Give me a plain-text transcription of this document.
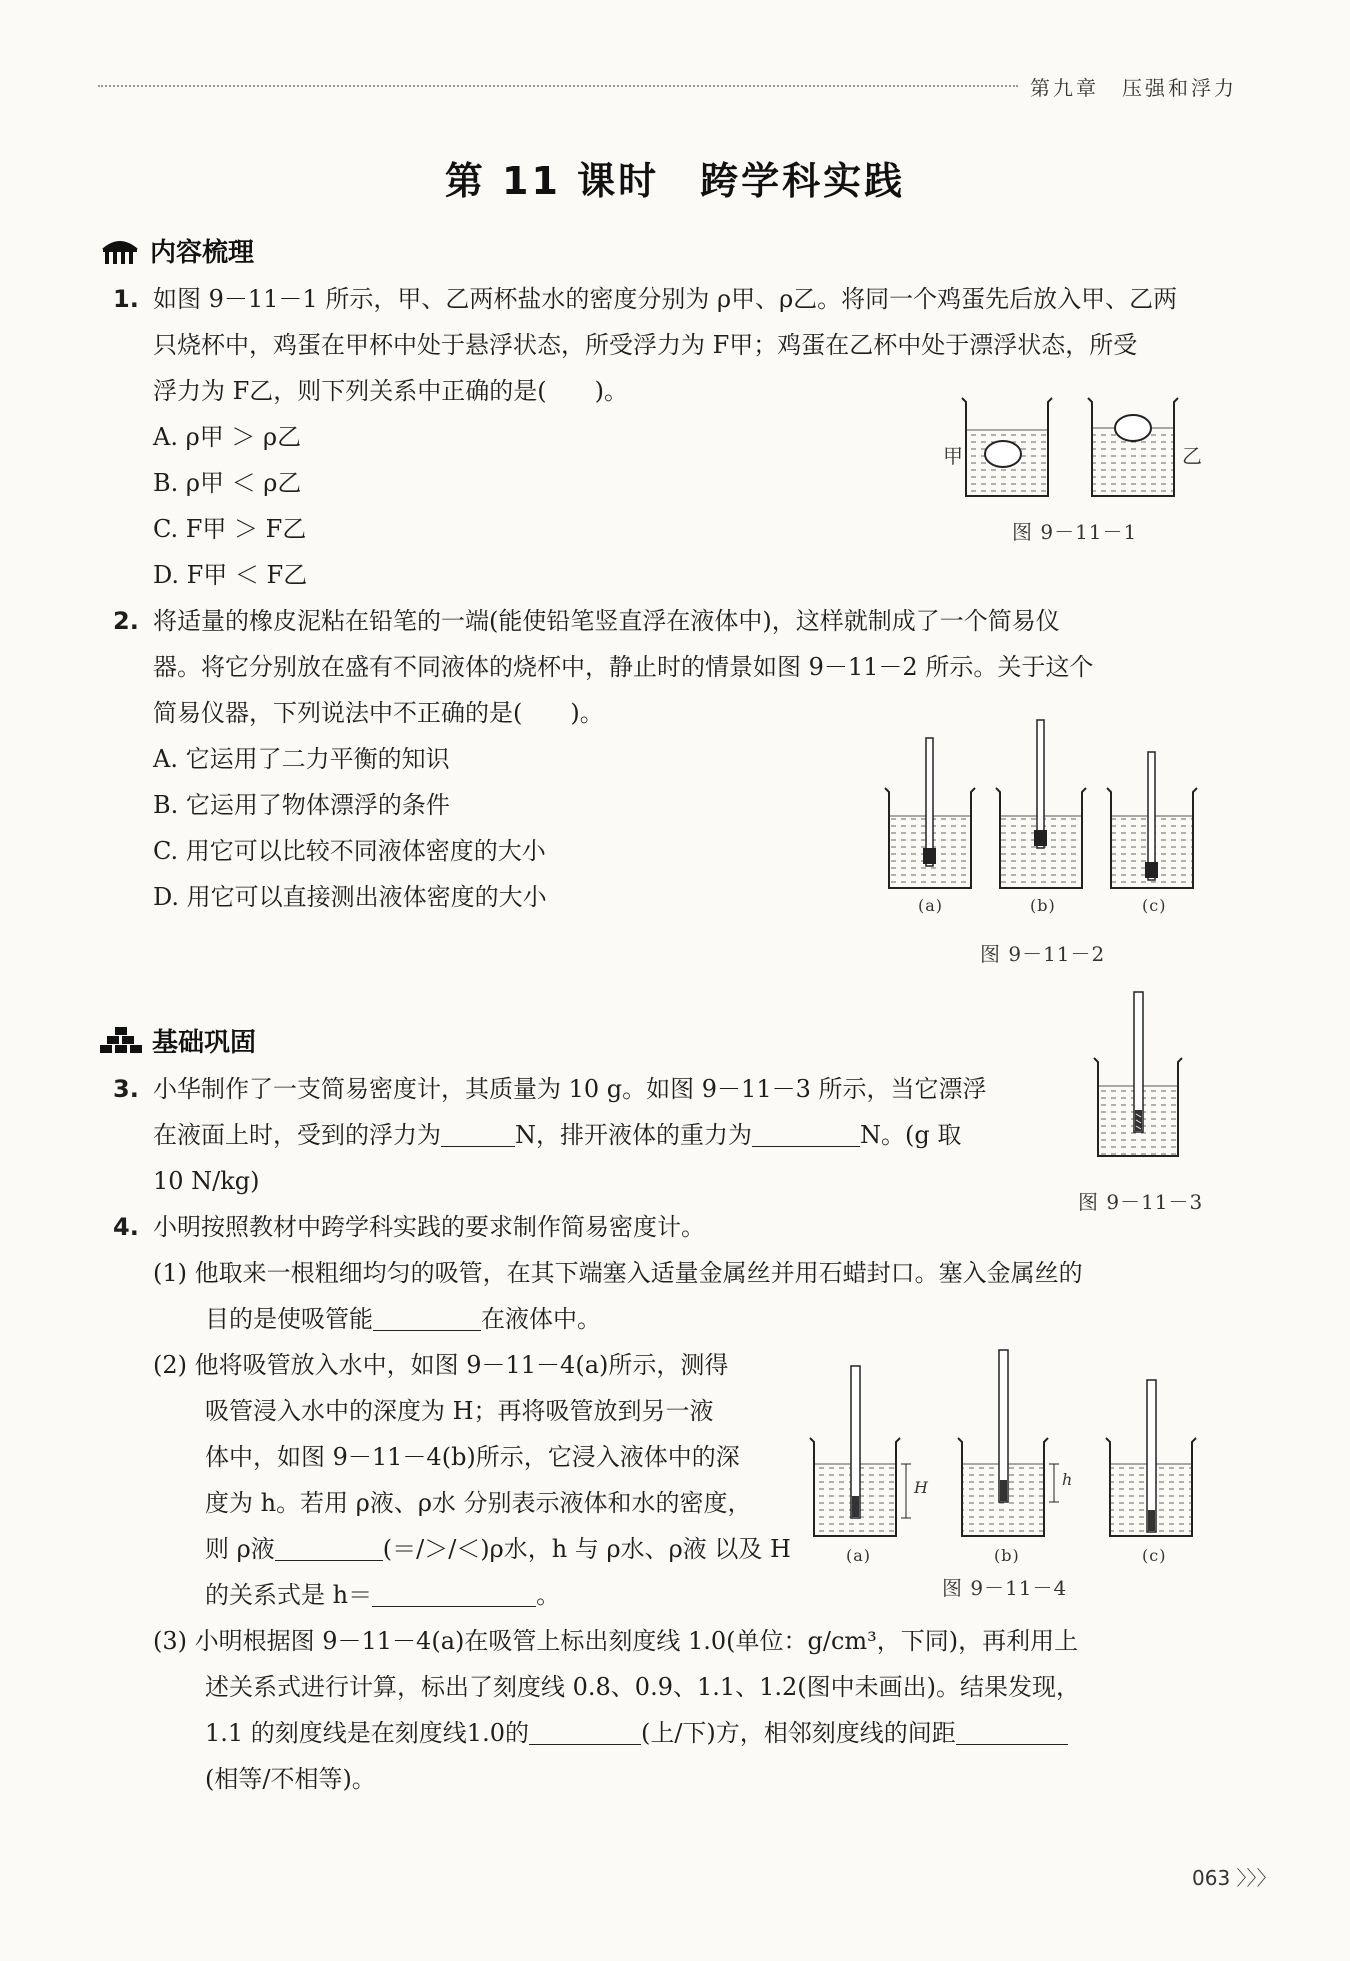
第九章　压强和浮力
第 11 课时　跨学科实践
内容梳理
1. 如图 9－11－1 所示，甲、乙两杯盐水的密度分别为 ρ甲、ρ乙。将同一个鸡蛋先后放入甲、乙两
只烧杯中，鸡蛋在甲杯中处于悬浮状态，所受浮力为 F甲；鸡蛋在乙杯中处于漂浮状态，所受
浮力为 F乙，则下列关系中正确的是(　　)。
A. ρ甲 ＞ ρ乙
B. ρ甲 ＜ ρ乙
C. F甲 ＞ F乙
D. F甲 ＜ F乙
甲	乙
图 9－11－1
2. 将适量的橡皮泥粘在铅笔的一端(能使铅笔竖直浮在液体中)，这样就制成了一个简易仪
器。将它分别放在盛有不同液体的烧杯中，静止时的情景如图 9－11－2 所示。关于这个
简易仪器，下列说法中不正确的是(　　)。
A. 它运用了二力平衡的知识
B. 它运用了物体漂浮的条件
C. 用它可以比较不同液体密度的大小
D. 用它可以直接测出液体密度的大小	(a)	(b)	(c)
图 9－11－2
基础巩固
3. 小华制作了一支简易密度计，其质量为 10 g。如图 9－11－3 所示，当它漂浮
在液面上时，受到的浮力为	N，排开液体的重力为	N。(g 取
10 N/kg)
图 9－11－3
4. 小明按照教材中跨学科实践的要求制作简易密度计。
(1) 他取来一根粗细均匀的吸管，在其下端塞入适量金属丝并用石蜡封口。塞入金属丝的
目的是使吸管能	在液体中。
(2) 他将吸管放入水中，如图 9－11－4(a)所示，测得
吸管浸入水中的深度为 H；再将吸管放到另一液
体中，如图 9－11－4(b)所示，它浸入液体中的深
度为 h。若用 ρ液、ρ水 分别表示液体和水的密度，
则 ρ液	(＝/＞/＜)ρ水，h 与 ρ水、ρ液 以及 H
的关系式是 h＝	。
H	h
(a)	(b)	(c)
图 9－11－4
(3) 小明根据图 9－11－4(a)在吸管上标出刻度线 1.0(单位：g/cm³，下同)，再利用上
述关系式进行计算，标出了刻度线 0.8、0.9、1.1、1.2(图中未画出)。结果发现，
1.1 的刻度线是在刻度线1.0的	(上/下)方，相邻刻度线的间距
(相等/不相等)。
063 〉〉〉
